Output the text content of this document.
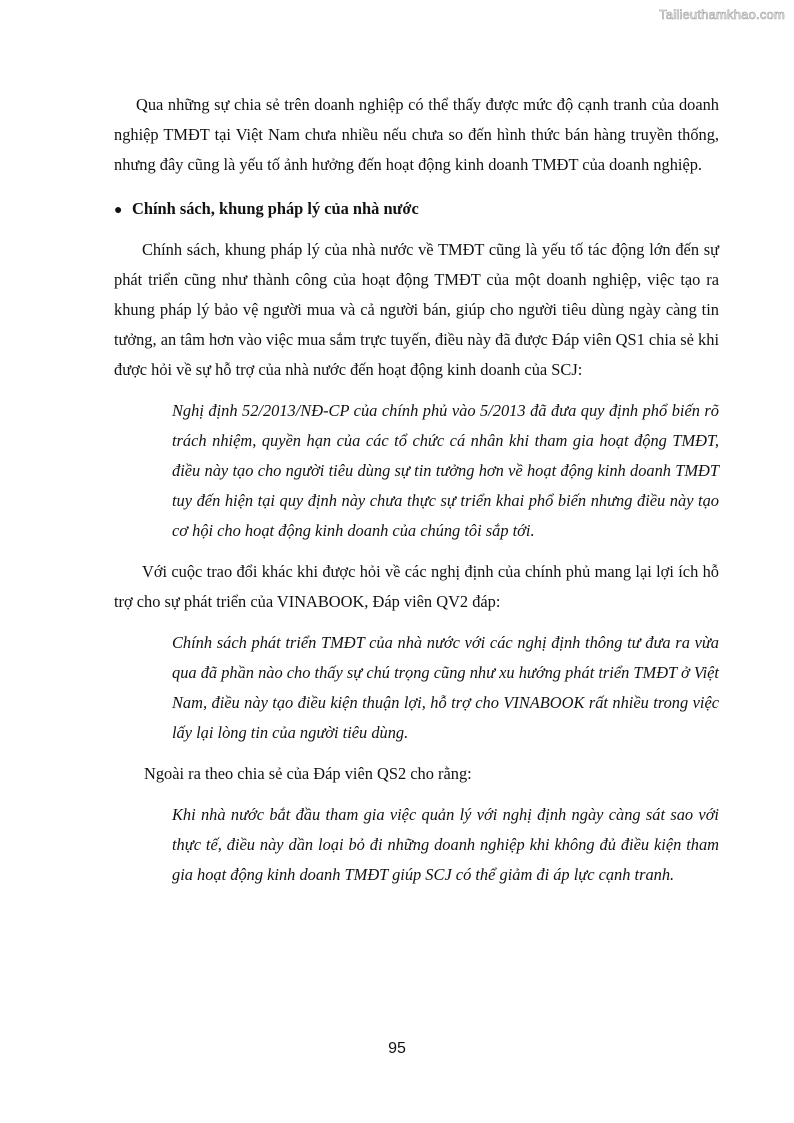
Tailieuthamkhao.com

Qua những sự chia sẻ trên doanh nghiệp có thể thấy được mức độ cạnh tranh của doanh nghiệp TMĐT tại Việt Nam chưa nhiều nếu chưa so đến hình thức bán hàng truyền thống, nhưng đây cũng là yếu tố ảnh hưởng đến hoạt động kinh doanh TMĐT của doanh nghiệp.

● Chính sách, khung pháp lý của nhà nước

Chính sách, khung pháp lý của nhà nước về TMĐT cũng là yếu tố tác động lớn đến sự phát triển cũng như thành công của hoạt động TMĐT của một doanh nghiệp, việc tạo ra khung pháp lý bảo vệ người mua và cả người bán, giúp cho người tiêu dùng ngày càng tin tưởng, an tâm hơn vào việc mua sắm trực tuyến, điều này đã được Đáp viên QS1 chia sẻ khi được hỏi về sự hỗ trợ của nhà nước đến hoạt động kinh doanh của SCJ:

Nghị định 52/2013/NĐ-CP của chính phủ vào 5/2013 đã đưa quy định phổ biến rõ trách nhiệm, quyền hạn của các tổ chức cá nhân khi tham gia hoạt động TMĐT, điều này tạo cho người tiêu dùng sự tin tưởng hơn về hoạt động kinh doanh TMĐT tuy đến hiện tại quy định này chưa thực sự triển khai phổ biến nhưng điều này tạo cơ hội cho hoạt động kinh doanh của chúng tôi sắp tới.

Với cuộc trao đổi khác khi được hỏi về các nghị định của chính phủ mang lại lợi ích hỗ trợ cho sự phát triển của VINABOOK, Đáp viên QV2 đáp:

Chính sách phát triển TMĐT của nhà nước với các nghị định thông tư đưa ra vừa qua đã phần nào cho thấy sự chú trọng cũng như xu hướng phát triển TMĐT ở Việt Nam, điều này tạo điều kiện thuận lợi, hỗ trợ cho VINABOOK rất nhiều trong việc lấy lại lòng tin của người tiêu dùng.

Ngoài ra theo chia sẻ của Đáp viên QS2 cho rằng:

Khi nhà nước bắt đầu tham gia việc quản lý với nghị định ngày càng sát sao với thực tế, điều này dần loại bỏ đi những doanh nghiệp khi không đủ điều kiện tham gia hoạt động kinh doanh TMĐT giúp SCJ có thể giảm đi áp lực cạnh tranh.

95
